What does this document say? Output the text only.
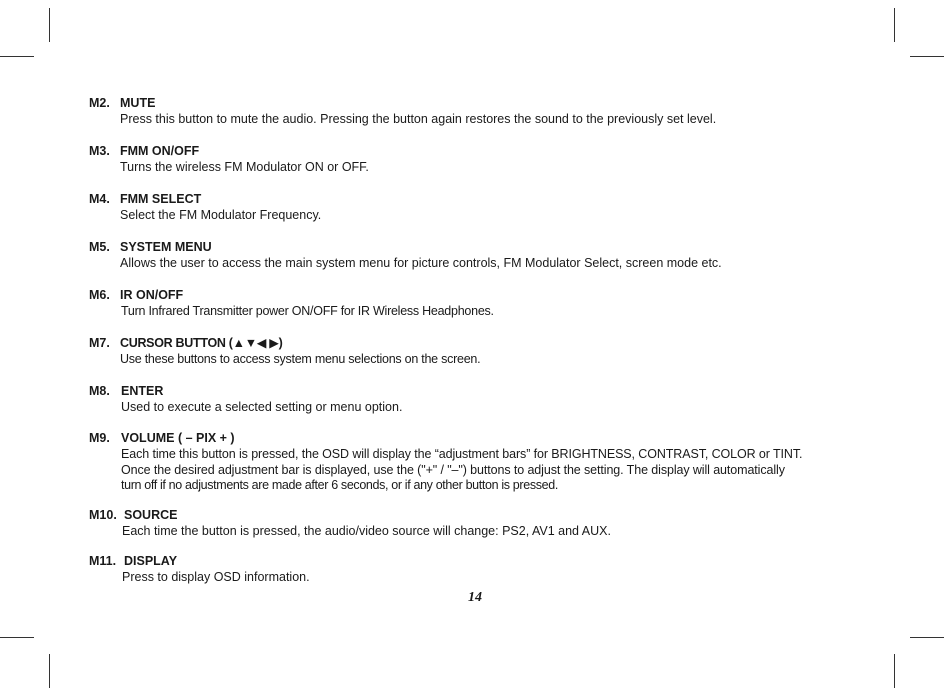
M2. MUTE
Press this button to mute the audio. Pressing the button again restores the sound to the previously set level.
M3. FMM ON/OFF
Turns the wireless FM Modulator ON or OFF.
M4. FMM SELECT
Select the FM Modulator Frequency.
M5. SYSTEM MENU
Allows the user to access the main system menu for picture controls, FM Modulator Select, screen mode etc.
M6. IR ON/OFF
Turn Infrared Transmitter power ON/OFF for IR Wireless Headphones.
M7. CURSOR BUTTON (▲▼◀ ▶)
Use these buttons to access system menu selections on the screen.
M8. ENTER
Used to execute a selected setting or menu option.
M9. VOLUME ( – PIX + )
Each time this button is pressed, the OSD will display the “adjustment bars” for BRIGHTNESS, CONTRAST, COLOR or TINT.
Once the desired adjustment bar is displayed, use the ("+" / "–") buttons to adjust the setting. The display will automatically
turn off if no adjustments are made after 6 seconds, or if any other button is pressed.
M10. SOURCE
Each time the button is pressed, the audio/video source will change: PS2, AV1 and AUX.
M11. DISPLAY
Press to display OSD information.
14
